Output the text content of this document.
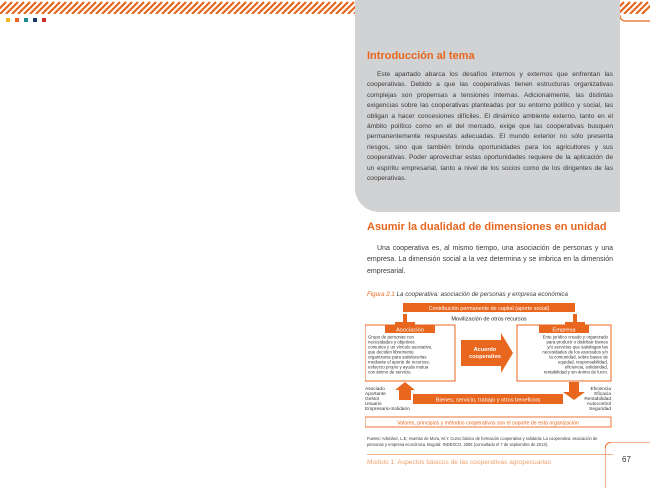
Introducción al tema

Este apartado abarca los desafíos internos y externos que enfrentan las cooperativas. Debido a que las cooperativas tienen estructuras organizativas complejas son propensas a tensiones internas. Adicionalmente, las distintas exigencias sobre las cooperativas planteadas por su entorno político y social, las obligan a hacer concesiones difíciles. El dinámico ambiente externo, tanto en el ámbito político como en el del mercado, exige que las cooperativas busquen permanentemente respuestas adecuadas. El mundo exterior no sólo presenta riesgos, sino que también brinda oportunidades para los agricultores y sus cooperativas. Poder aprovechar estas oportunidades requiere de la aplicación de un espíritu empresarial, tanto a nivel de los socios como de los dirigentes de las cooperativas.

Asumir la dualidad de dimensiones en unidad

Una cooperativa es, al mismo tiempo, una asociación de personas y una empresa. La dimensión social a la vez determina y se imbrica en la dimensión empresarial.

Figura 2.1 La cooperativa: asociación de personas y empresa económica
Contribución permanente de capital (aporte social)
Movilización de otros recursos
Asociación
Grupo de personas con
necesidades y objetivos
comunes y un vínculo asociativo,
que deciden libremente
organizarse para satisfacerlas
mediante el aporte de recursos,
esfuerzo propio y ayuda mutua
con ánimo de servicio.
Acuerdo
cooperativo
Empresa
Ente jurídico creado y organizado
para producir o distribuir bienes
y/o servicios que satisfagan las
necesidades de los asociados y/o
la comunidad, sobre bases de
equidad, responsabilidad,
eficiencia, solidaridad,
rentabilidad y sin ánimo de lucro.
Asociado
Aportante
Gestor
Usuario
Empresario-Solidario
Bienes, servicio, trabajo y otros beneficios
Eficiencia
Eficacia
Rentabilidad
Autocontrol
Seguridad
Valores, principios y métodos cooperativos son el soporte de esta organización
Fuente: Arbeláez, L.E; Huertas de Mora, M.Y. Curso básico de formación cooperativa y solidaria: La cooperativa: asociación de personas y empresa económica. Bogotá: INDESCO, 2006 (consultado el 7 de septiembre de 2013).
Modulo 1: Aspectos básicos de las cooperativas agropecuarias	67
